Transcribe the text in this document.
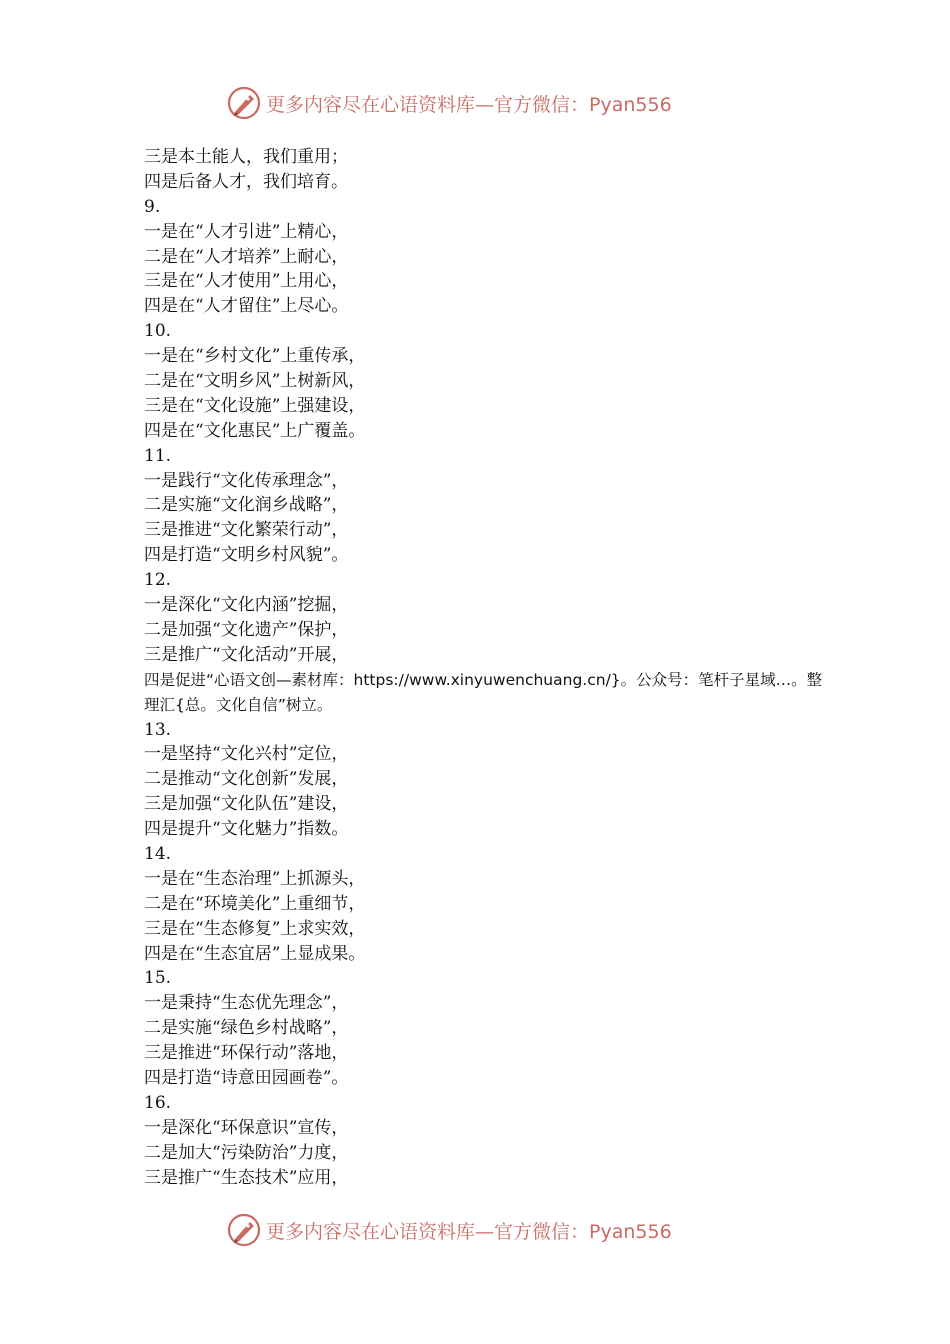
更多内容尽在心语资料库—官方微信：Pyan556
三是本土能人，我们重用；
四是后备人才，我们培育。
9.
一是在“人才引进”上精心，
二是在“人才培养”上耐心，
三是在“人才使用”上用心，
四是在“人才留住”上尽心。
10.
一是在“乡村文化”上重传承，
二是在“文明乡风”上树新风，
三是在“文化设施”上强建设，
四是在“文化惠民”上广覆盖。
11.
一是践行“文化传承理念”，
二是实施“文化润乡战略”，
三是推进“文化繁荣行动”，
四是打造“文明乡村风貌”。
12.
一是深化“文化内涵”挖掘，
二是加强“文化遗产”保护，
三是推广“文化活动”开展，
四是促进“心语文创—素材库：https://www.xinyuwenchuang.cn/}。公众号：笔杆子星域…。整理汇{总。文化自信”树立。
13.
一是坚持“文化兴村”定位，
二是推动“文化创新”发展，
三是加强“文化队伍”建设，
四是提升“文化魅力”指数。
14.
一是在“生态治理”上抓源头，
二是在“环境美化”上重细节，
三是在“生态修复”上求实效，
四是在“生态宜居”上显成果。
15.
一是秉持“生态优先理念”，
二是实施“绿色乡村战略”，
三是推进“环保行动”落地，
四是打造“诗意田园画卷”。
16.
一是深化“环保意识”宣传，
二是加大“污染防治”力度，
三是推广“生态技术”应用，
更多内容尽在心语资料库—官方微信：Pyan556
